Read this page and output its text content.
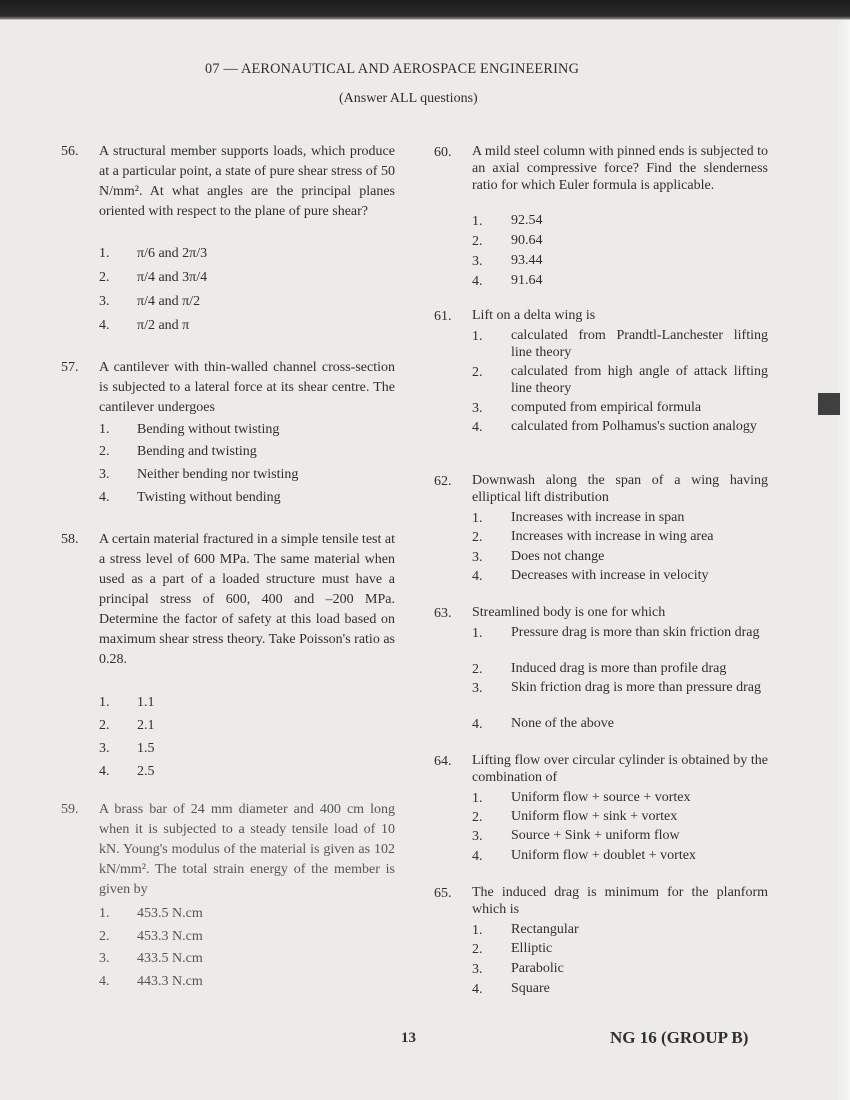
07 — AERONAUTICAL AND AEROSPACE ENGINEERING
(Answer ALL questions)
56. A structural member supports loads, which produce at a particular point, a state of pure shear stress of 50 N/mm². At what angles are the principal planes oriented with respect to the plane of pure shear?
1. π/6 and 2π/3
2. π/4 and 3π/4
3. π/4 and π/2
4. π/2 and π
57. A cantilever with thin-walled channel cross-section is subjected to a lateral force at its shear centre. The cantilever undergoes
1. Bending without twisting
2. Bending and twisting
3. Neither bending nor twisting
4. Twisting without bending
58. A certain material fractured in a simple tensile test at a stress level of 600 MPa. The same material when used as a part of a loaded structure must have a principal stress of 600, 400 and –200 MPa. Determine the factor of safety at this load based on maximum shear stress theory. Take Poisson's ratio as 0.28.
1. 1.1
2. 2.1
3. 1.5
4. 2.5
59. A brass bar of 24 mm diameter and 400 cm long when it is subjected to a steady tensile load of 10 kN. Young's modulus of the material is given as 102 kN/mm². The total strain energy of the member is given by
1. 453.5 N.cm
2. 453.3 N.cm
3. 433.5 N.cm
4. 443.3 N.cm
60. A mild steel column with pinned ends is subjected to an axial compressive force? Find the slenderness ratio for which Euler formula is applicable.
1. 92.54
2. 90.64
3. 93.44
4. 91.64
61. Lift on a delta wing is
1. calculated from Prandtl-Lanchester lifting line theory
2. calculated from high angle of attack lifting line theory
3. computed from empirical formula
4. calculated from Polhamus's suction analogy
62. Downwash along the span of a wing having elliptical lift distribution
1. Increases with increase in span
2. Increases with increase in wing area
3. Does not change
4. Decreases with increase in velocity
63. Streamlined body is one for which
1. Pressure drag is more than skin friction drag
2. Induced drag is more than profile drag
3. Skin friction drag is more than pressure drag
4. None of the above
64. Lifting flow over circular cylinder is obtained by the combination of
1. Uniform flow + source + vortex
2. Uniform flow + sink + vortex
3. Source + Sink + uniform flow
4. Uniform flow + doublet + vortex
65. The induced drag is minimum for the planform which is
1. Rectangular
2. Elliptic
3. Parabolic
4. Square
13	NG 16 (GROUP B)
